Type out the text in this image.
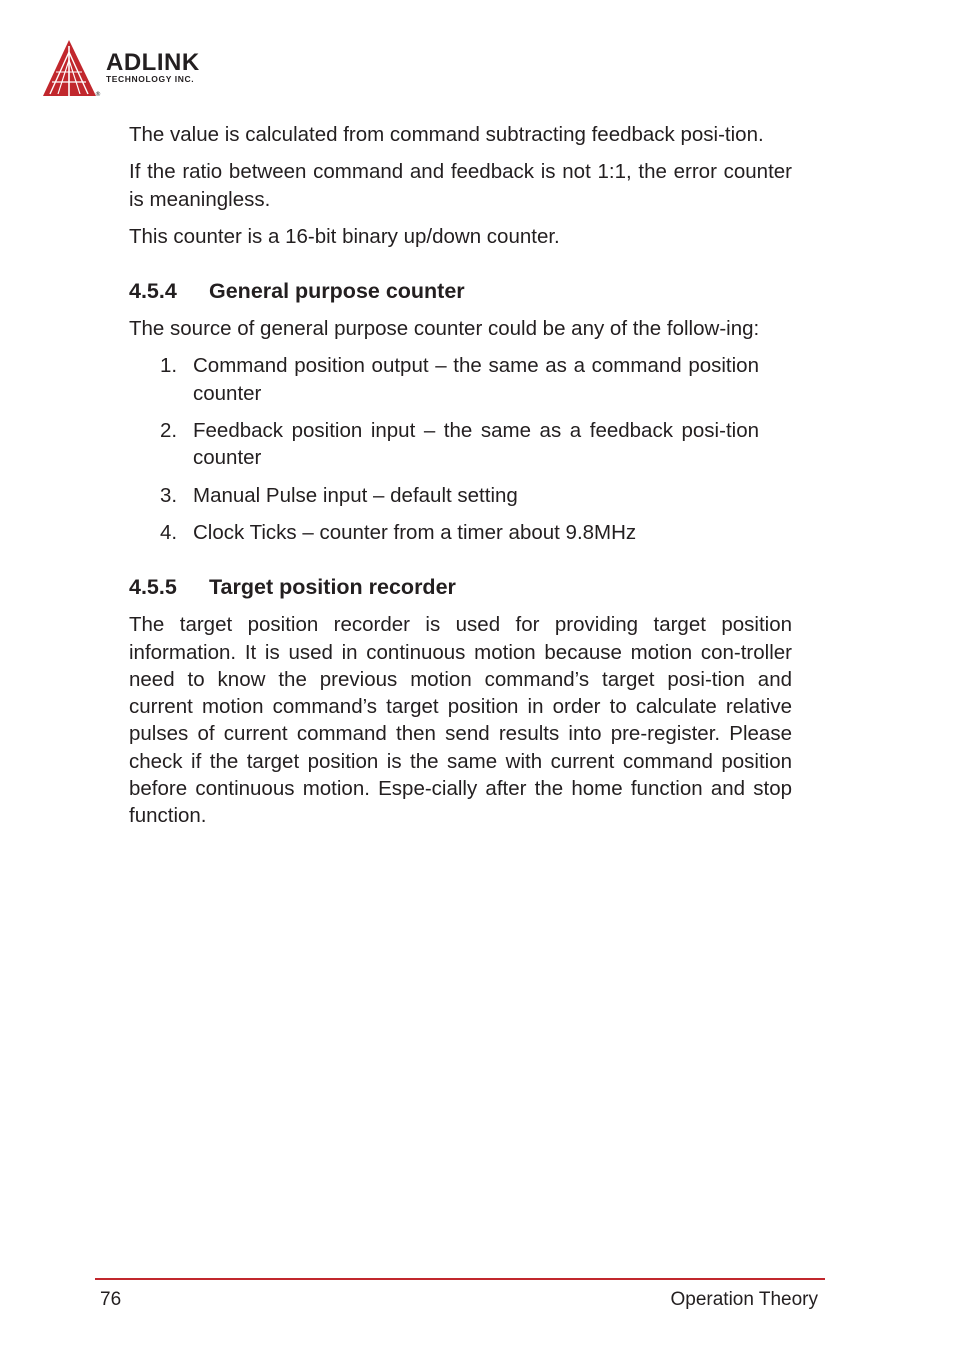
®
ADLINK
TECHNOLOGY INC.

The value is calculated from command subtracting feedback posi-tion.

If the ratio between command and feedback is not 1:1, the error counter is meaningless.

This counter is a 16-bit binary up/down counter.

4.5.4 General purpose counter

The source of general purpose counter could be any of the follow-ing:

1. Command position output – the same as a command position counter
2. Feedback position input – the same as a feedback posi-tion counter
3. Manual Pulse input – default setting
4. Clock Ticks – counter from a timer about 9.8MHz
4.5.5 Target position recorder

The target position recorder is used for providing target position information. It is used in continuous motion because motion con-troller need to know the previous motion command’s target posi-tion and current motion command’s target position in order to calculate relative pulses of current command then send results into pre-register. Please check if the target position is the same with current command position before continuous motion. Espe-cially after the home function and stop function.

76	Operation Theory
